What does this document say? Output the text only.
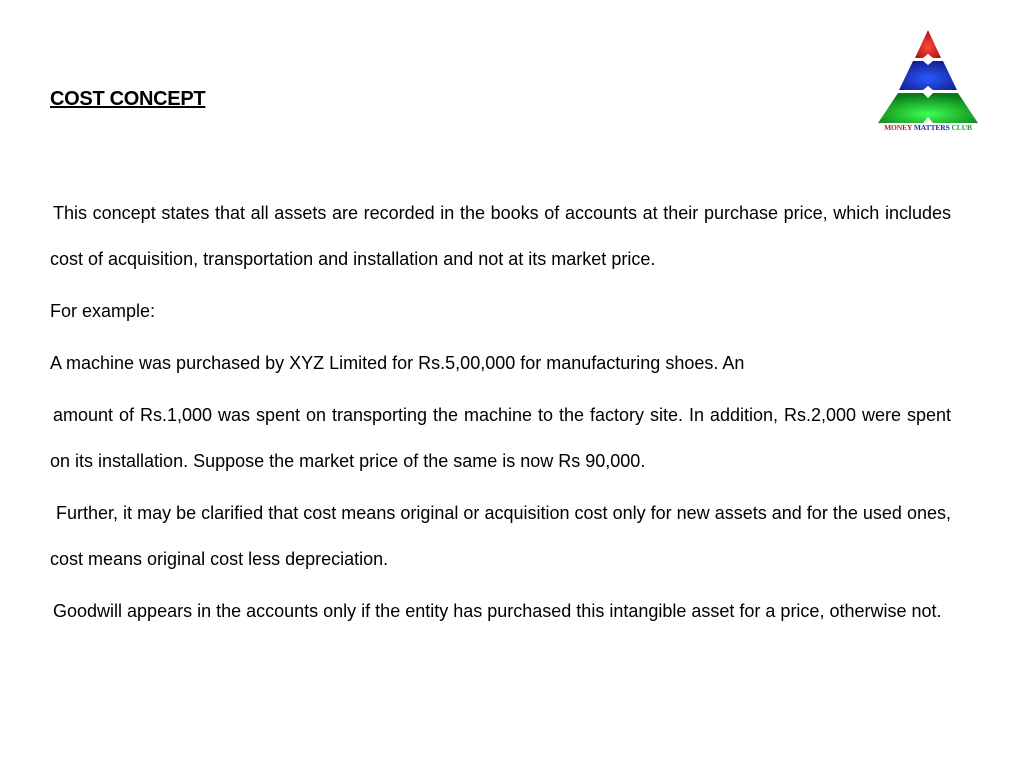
COST CONCEPT
MONEY MATTERS CLUB

This concept states that all assets are recorded in the books of accounts at their purchase price, which includes cost of acquisition, transportation and installation and not at its market price.

For example:

A machine was purchased by XYZ Limited for Rs.5,00,000 for manufacturing shoes. An

amount of Rs.1,000 was spent on transporting the machine to the factory site. In addition, Rs.2,000 were spent on its installation. Suppose the market price of the same is now Rs 90,000.

Further, it may be clarified that cost means original or acquisition cost only for new assets and for the used ones, cost means original cost less depreciation.

Goodwill appears in the accounts only if the entity has purchased this intangible asset for a price, otherwise not.
